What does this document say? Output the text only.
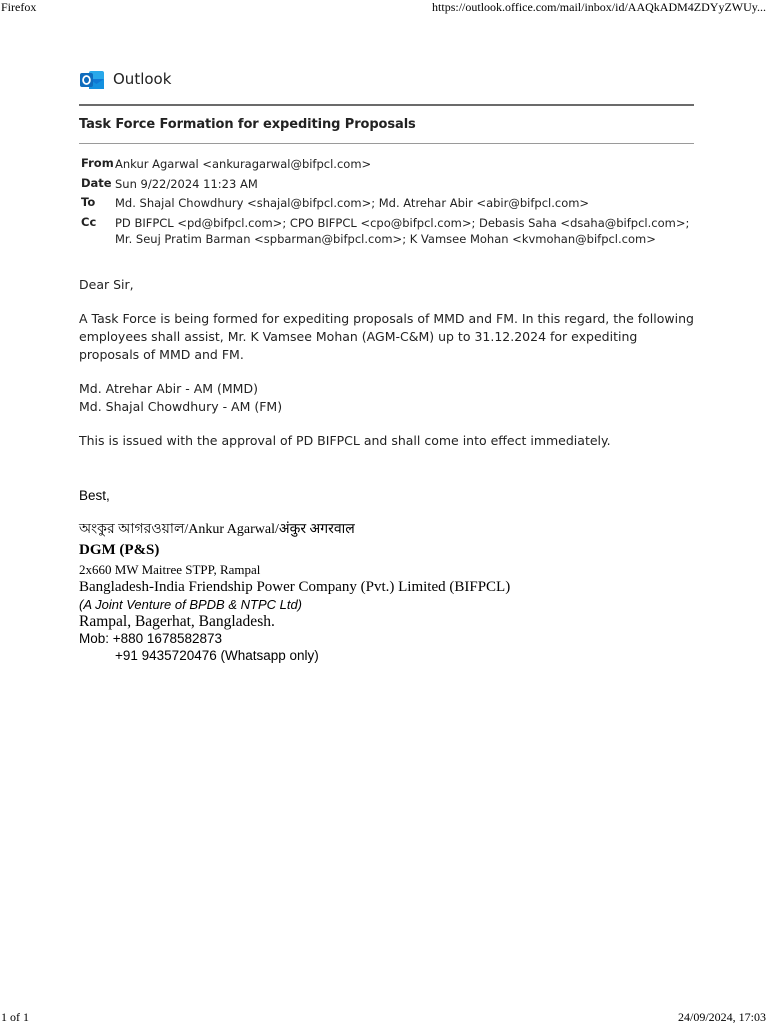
Firefox	https://outlook.office.com/mail/inbox/id/AAQkADM4ZDYyZWUy...
Outlook
Task Force Formation for expediting Proposals
From Ankur Agarwal <ankuragarwal@bifpcl.com>
Date Sun 9/22/2024 11:23 AM
To	Md. Shajal Chowdhury <shajal@bifpcl.com>; Md. Atrehar Abir <abir@bifpcl.com>
Cc	PD BIFPCL <pd@bifpcl.com>; CPO BIFPCL <cpo@bifpcl.com>; Debasis Saha <dsaha@bifpcl.com>; Mr. Seuj Pratim Barman <spbarman@bifpcl.com>; K Vamsee Mohan <kvmohan@bifpcl.com>

Dear Sir,

A Task Force is being formed for expediting proposals of MMD and FM. In this regard, the following employees shall assist, Mr. K Vamsee Mohan (AGM-C&M) up to 31.12.2024 for expediting proposals of MMD and FM.

Md. Atrehar Abir - AM (MMD)

Md. Shajal Chowdhury - AM (FM)

This is issued with the approval of PD BIFPCL and shall come into effect immediately.

Best,
অংকুর আগরওয়াল/Ankur Agarwal/अंकुर अगरवाल
DGM (P&S)
2x660 MW Maitree STPP, Rampal
Bangladesh-India Friendship Power Company (Pvt.) Limited (BIFPCL)
(A Joint Venture of BPDB & NTPC Ltd)
Rampal, Bagerhat, Bangladesh.
Mob: +880 1678582873
+91 9435720476 (Whatsapp only)
1 of 1	24/09/2024, 17:03
